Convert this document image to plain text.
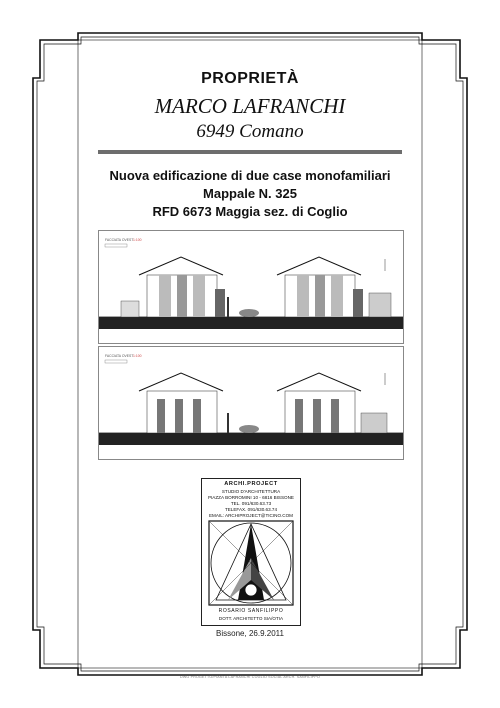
PROPRIETÀ
MARCO LAFRANCHI
6949 Comano
Nuova edificazione di due case monofamiliari
Mappale N. 325
RFD 6673 Maggia sez. di Coglio
FACCIATA OVEST 1:100
FACCIATA OVEST 1:100
ARCHI.PROJECT
STUDIO D'ARCHITETTURA
PIAZZA BORROMINI 10 - 6816 BISSONE
TEL. 091/630.63.73
TELEFAX. 091/630.63.74
EMAIL: ARCHIPROJECT@TICINO.COM
ROSARIO SANFILIPPO
DOTT. ARCHITETTO SIA/OTIA
Bissone, 26.9.2011
DWG PROGETTO/PIANTA LAFRANCHI COGLIO SOCIAL ARCH. SANFILIPPO
